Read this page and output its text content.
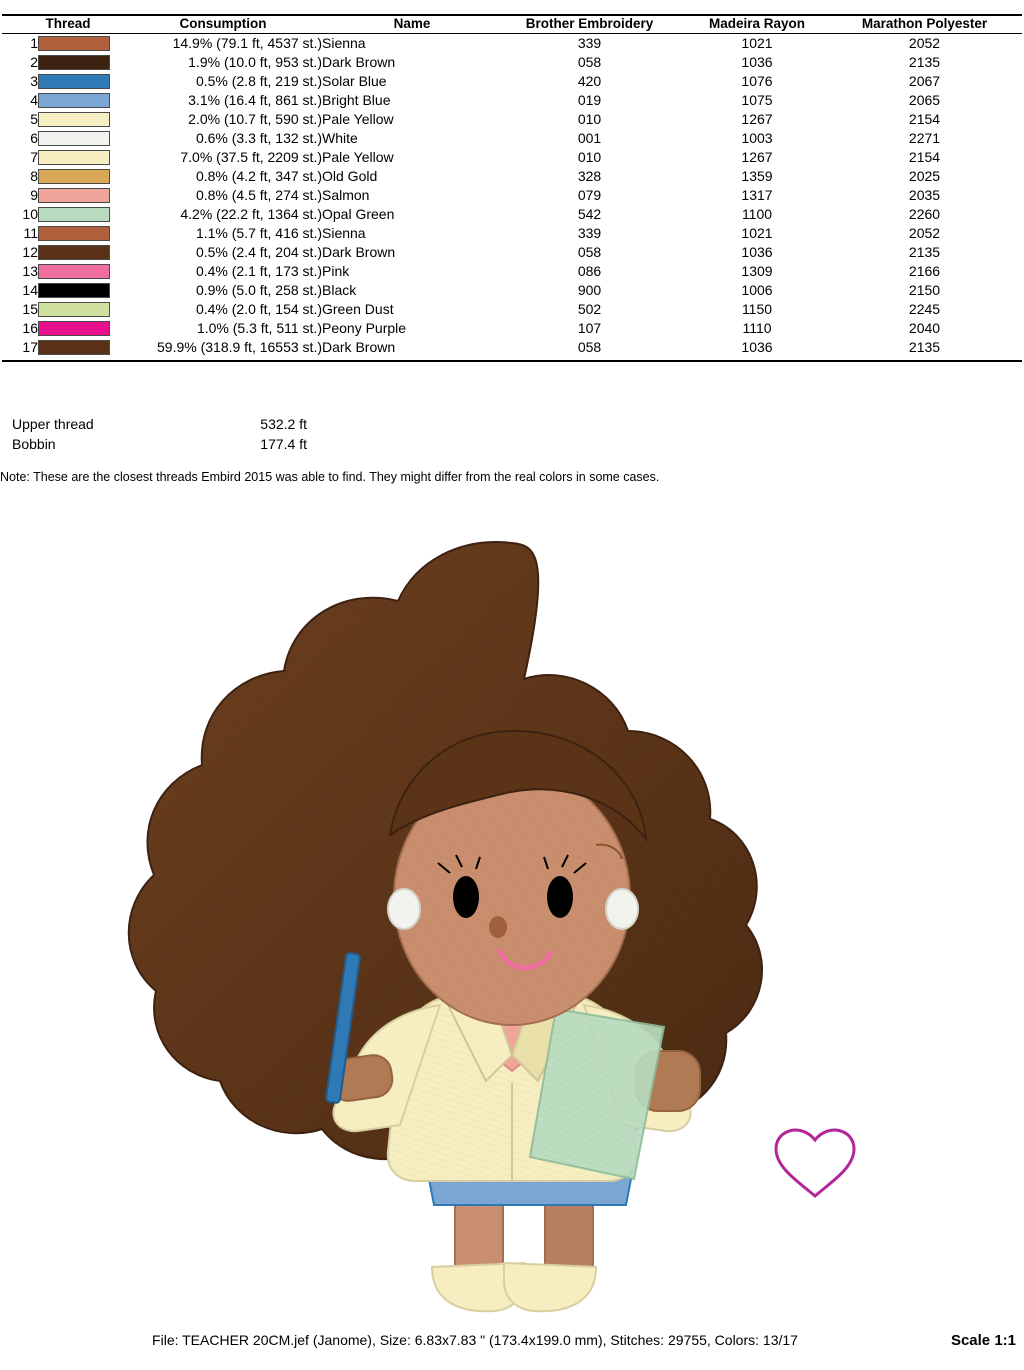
Thread	Consumption	Name	Brother Embroidery	Madeira Rayon	Marathon Polyester
1		14.9% (79.1 ft, 4537 st.)	Sienna	339	1021	2052
2		1.9% (10.0 ft, 953 st.)	Dark Brown	058	1036	2135
3		0.5% (2.8 ft, 219 st.)	Solar Blue	420	1076	2067
4		3.1% (16.4 ft, 861 st.)	Bright Blue	019	1075	2065
5		2.0% (10.7 ft, 590 st.)	Pale Yellow	010	1267	2154
6		0.6% (3.3 ft, 132 st.)	White	001	1003	2271
7		7.0% (37.5 ft, 2209 st.)	Pale Yellow	010	1267	2154
8		0.8% (4.2 ft, 347 st.)	Old Gold	328	1359	2025
9		0.8% (4.5 ft, 274 st.)	Salmon	079	1317	2035
10		4.2% (22.2 ft, 1364 st.)	Opal Green	542	1100	2260
11		1.1% (5.7 ft, 416 st.)	Sienna	339	1021	2052
12		0.5% (2.4 ft, 204 st.)	Dark Brown	058	1036	2135
13		0.4% (2.1 ft, 173 st.)	Pink	086	1309	2166
14		0.9% (5.0 ft, 258 st.)	Black	900	1006	2150
15		0.4% (2.0 ft, 154 st.)	Green Dust	502	1150	2245
16		1.0% (5.3 ft, 511 st.)	Peony Purple	107	1110	2040
17		59.9% (318.9 ft, 16553 st.)	Dark Brown	058	1036	2135
Upper thread	532.2 ft
Bobbin	177.4 ft
Note: These are the closest threads Embird 2015 was able to find. They might differ from the real colors in some cases.
File: TEACHER 20CM.jef (Janome), Size: 6.83x7.83 " (173.4x199.0 mm), Stitches: 29755, Colors: 13/17	Scale 1:1
